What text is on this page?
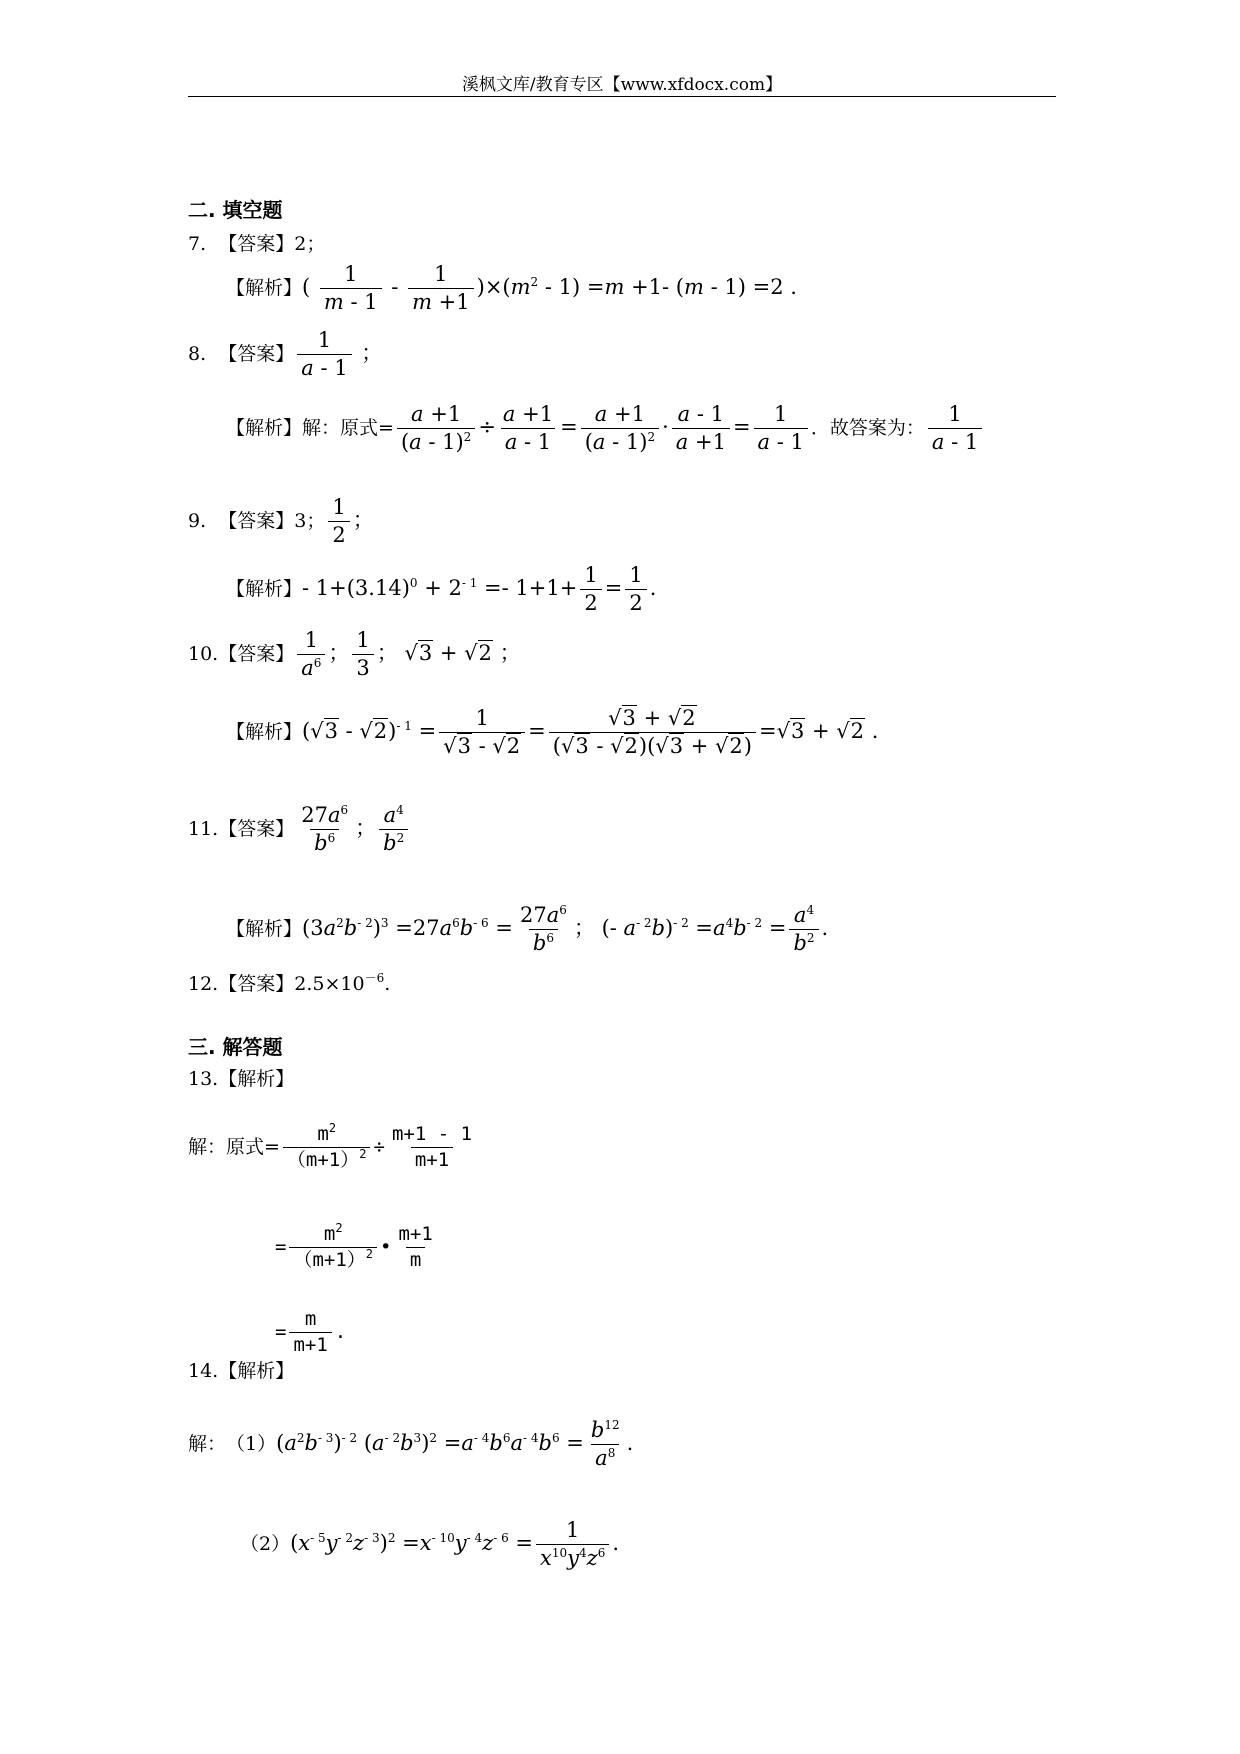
溪枫文库/教育专区【www.xfdocx.com】
二. 填空题
7. 【答案】2；
【解析】 ( $\frac{1}{m - 1} - \frac{1}{m +1} )\times(m^2 - 1) =m +1-$ (m - 1) =2 .
8.
【答案】 $\frac{1}{a - 1}$ ；
【解析】 解：原式= $\frac{a +1}{(a - 1)^2} \div \frac{a +1}{a - 1} = \frac{a +1}{(a - 1)^2} \cdot \frac{a - 1}{a +1} = \frac{1}{a - 1}$ ．故答案为： $\frac{1}{a - 1}$
9.
【答案】 3； $\frac{1}{2}$ ；
【解析】 - $1+(3.14)^0 + 2^{- 1} =- 1+1+ \frac{1}{2} = \frac{1}{2}$ .
10. 【答案】 $\frac{1}{a^6}$ ； $\frac{1}{3}$ ； √3 + √2 ；
【解析】 $(√3 - √2)^{- 1} = \frac{1}{√3 - √2} = \frac{√3 + √2}{(√3 - √2)(√3 + √2)} =√3 + √2$ .
11. 【答案】 $\frac{27a^6}{b^6}$ ； $\frac{a^4}{b^2}$
【解析】 $(3a^2b^{- 2})^3 =27a^6b^{- 6} = \frac{27a^6}{b^6}$ ； (- $a^{- 2}b)^{- 2} =a^4b^{- 2} = \frac{a^4}{b^2}$ .
12.【答案】$2.5\times 10^{-6}$.
三. 解答题
13.【解析】
解：原式= $\frac{m^2}{(m+1)^2} \div \frac{m+1 - 1}{m+1}$
= $\frac{m^2}{(m+1)^2}$ • $\frac{m+1}{m}$
= $\frac{m}{m+1}$ .
14.【解析】
解： （1） $(a^2b^{- 3})^{- 2}$ $(a^{- 2}b^3)^2 =a^{- 4}b^6a^{- 4}b^6 = \frac{b^{12}}{a^8}$ .
（2） $(x^{- 5}y^{- 2}z^{- 3})^2 =x^{- 10}y^{- 4}z^{- 6} = \frac{1}{x^{10}y^4z^6}$ .
